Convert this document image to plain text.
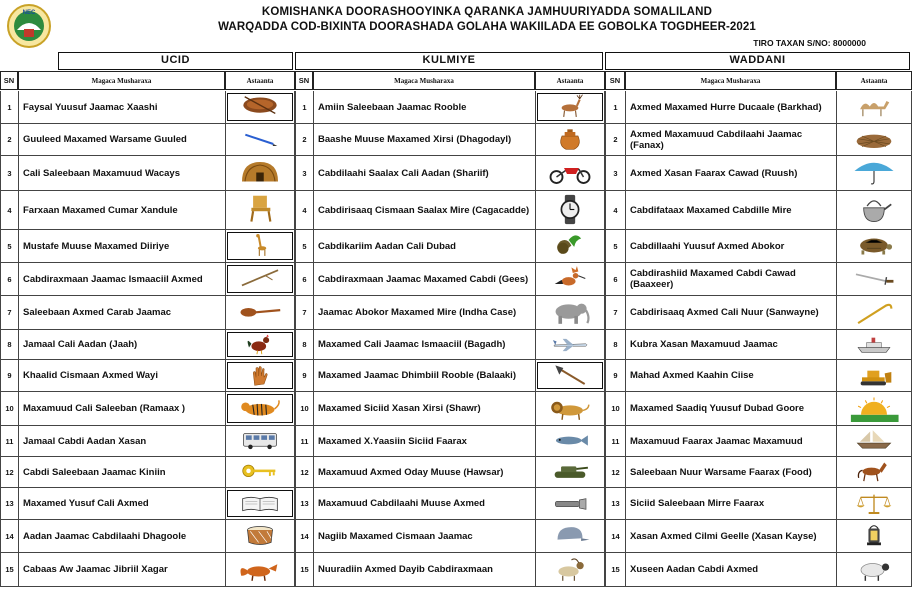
NEC	KOMISHANKA DOORASHOOYINKA QARANKA JAMHUURIYADDA SOMALILAND
WARQADDA COD-BIXINTA DOORASHADA GOLAHA WAKIILADA EE GOBOLKA TOGDHEER-2021
TIRO TAXAN S/NO: 8000000
UCID
SN	Magaca Musharaxa	Astaanta
1	Faysal Yuusuf Jaamac Xaashi
2	Guuleed Maxamed Warsame Guuled
3	Cali Saleebaan Maxamuud Wacays
4	Farxaan Maxamed Cumar Xandule
5	Mustafe Muuse Maxamed Diiriye
6	Cabdiraxmaan Jaamac Ismaaciil Axmed
7	Saleebaan Axmed Carab Jaamac
8	Jamaal Cali Aadan (Jaah)
9	Khaalid Cismaan Axmed Wayi
10 Maxamuud Cali Saleeban (Ramaax )
11	Jamaal Cabdi Aadan Xasan
12 Cabdi Saleebaan Jaamac Kiniin
13 Maxamed Yusuf Cali Axmed
14 Aadan Jaamac Cabdilaahi Dhagoole
15 Cabaas Aw Jaamac Jibriil Xagar
KULMIYE
SN	Magaca Musharaxa	Astaanta
1	Amiin Saleebaan Jaamac Rooble
2	Baashe Muuse Maxamed Xirsi (Dhagodayl)
3	Cabdilaahi Saalax Cali Aadan (Shariif)
4	Cabdirisaaq Cismaan Saalax Mire (Cagacadde)
5	Cabdikariim Aadan Cali Dubad
6	Cabdiraxmaan Jaamac Maxamed Cabdi (Gees)
7	Jaamac Abokor Maxamed Mire (Indha Case)
8	Maxamed Cali Jaamac Ismaaciil (Bagadh)
9	Maxamed Jaamac Dhimbiil Rooble (Balaaki)
10 Maxamed Siciid Xasan Xirsi (Shawr)
11	Maxamed X.Yaasiin Siciid Faarax
12 Maxamuud Axmed Oday Muuse (Hawsar)
13 Maxamuud Cabdilaahi Muuse Axmed
14 Nagiib Maxamed Cismaan Jaamac
15 Nuuradiin Axmed Dayib Cabdiraxmaan
WADDANI
SN	Magaca Musharaxa	Astaanta
1	Axmed Maxamed Hurre Ducaale (Barkhad)
2	Axmed Maxamuud Cabdilaahi Jaamac (Fanax)
3	Axmed Xasan Faarax Cawad (Ruush)
4	Cabdifataax Maxamed Cabdille Mire
5	Cabdillaahi Yuusuf Axmed Abokor
6	Cabdirashiid Maxamed Cabdi Cawad (Baaxeer)
7	Cabdirisaaq Axmed Cali Nuur (Sanwayne)
8	Kubra Xasan Maxamuud Jaamac
9	Mahad Axmed Kaahin Ciise
10	Maxamed Saadiq Yuusuf Dubad Goore
11	Maxamuud Faarax Jaamac Maxamuud
12	Saleebaan Nuur Warsame Faarax (Food)
13	Siciid Saleebaan Mirre Faarax
14	Xasan Axmed Cilmi Geelle (Xasan Kayse)
15	Xuseen Aadan Cabdi Axmed
